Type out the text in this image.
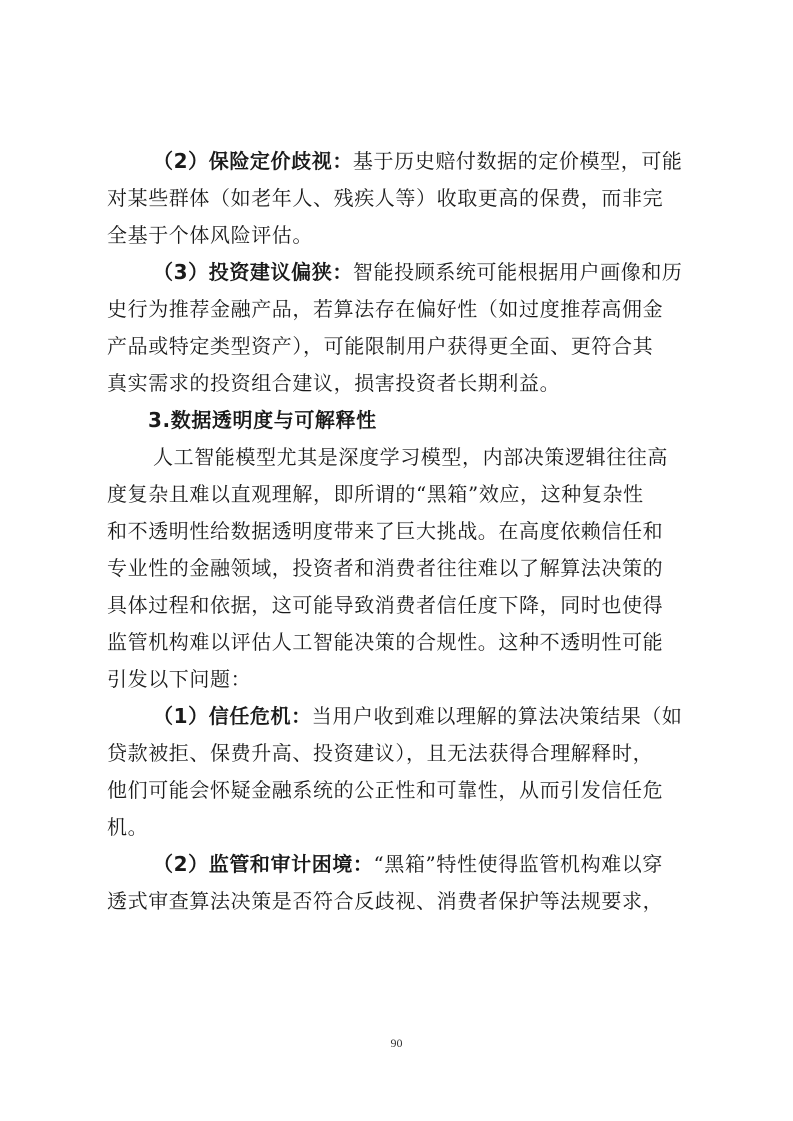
（2）保险定价歧视：基于历史赔付数据的定价模型，可能
对某些群体（如老年人、残疾人等）收取更高的保费，而非完
全基于个体风险评估。
（3）投资建议偏狭：智能投顾系统可能根据用户画像和历
史行为推荐金融产品，若算法存在偏好性（如过度推荐高佣金
产品或特定类型资产），可能限制用户获得更全面、更符合其
真实需求的投资组合建议，损害投资者长期利益。
3.数据透明度与可解释性
人工智能模型尤其是深度学习模型，内部决策逻辑往往高
度复杂且难以直观理解，即所谓的“黑箱”效应，这种复杂性
和不透明性给数据透明度带来了巨大挑战。在高度依赖信任和
专业性的金融领域，投资者和消费者往往难以了解算法决策的
具体过程和依据，这可能导致消费者信任度下降，同时也使得
监管机构难以评估人工智能决策的合规性。这种不透明性可能
引发以下问题：
（1）信任危机：当用户收到难以理解的算法决策结果（如
贷款被拒、保费升高、投资建议），且无法获得合理解释时，
他们可能会怀疑金融系统的公正性和可靠性，从而引发信任危
机。
（2）监管和审计困境：“黑箱”特性使得监管机构难以穿
透式审查算法决策是否符合反歧视、消费者保护等法规要求，
90
